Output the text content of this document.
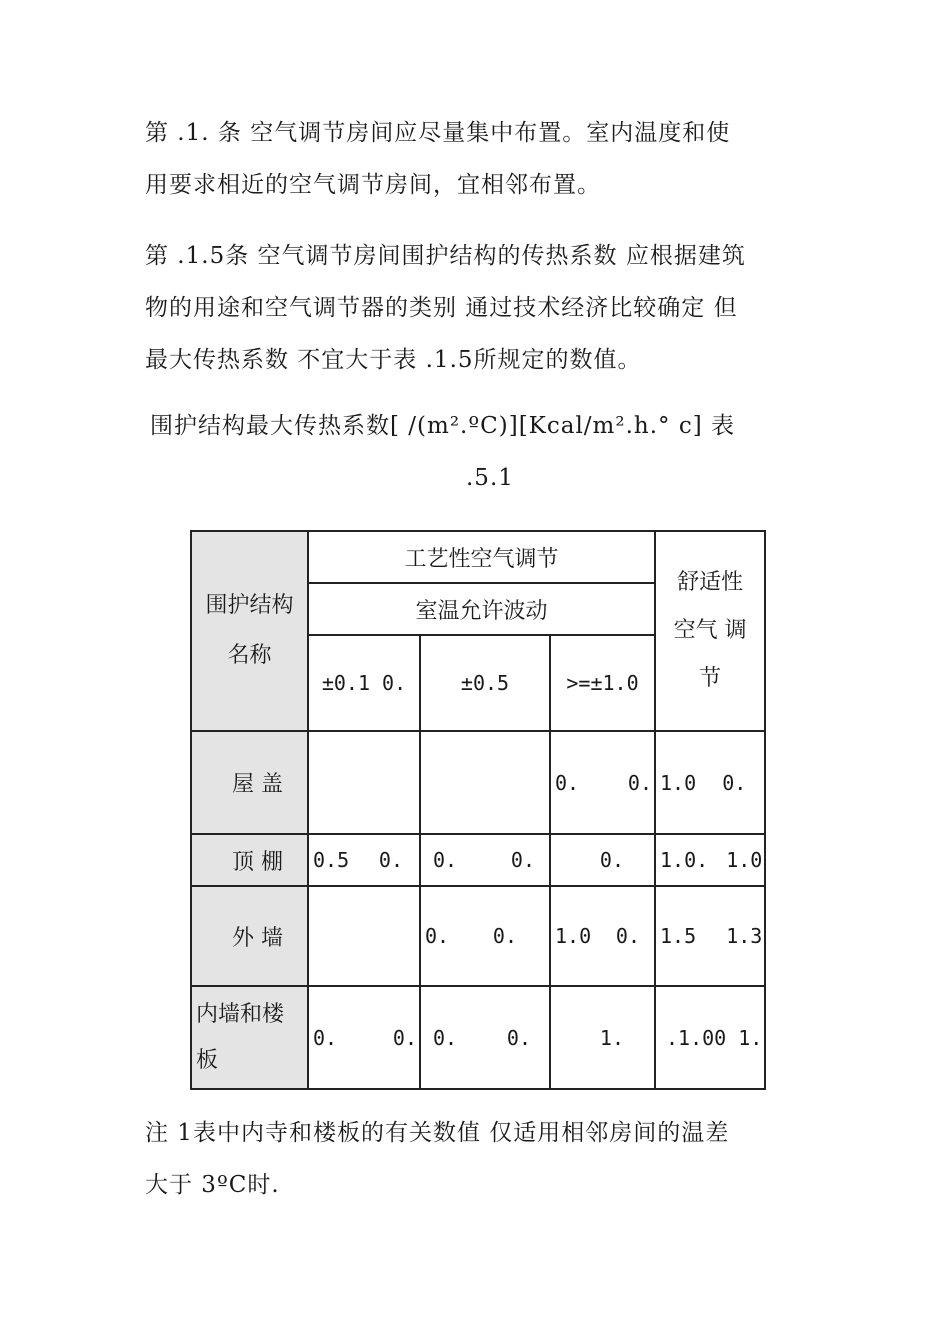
第 .1. 条 空气调节房间应尽量集中布置。室内温度和使
用要求相近的空气调节房间，宜相邻布置。
第 .1.5条 空气调节房间围护结构的传热系数 应根据建筑
物的用途和空气调节器的类别 通过技术经济比较确定 但
最大传热系数 不宜大于表 .1.5所规定的数值。
围护结构最大传热系数[ /(m².ºC)][Kcal/m².h.° c] 表
.5.1
围护结构名称	工艺性空气调节			舒适性 空气 调节

	室温允许波动			
	±0.1 0.	±0.5	>=±1.0	

屋 盖			0. 0.	1.0 0.

顶 棚	0.5 0.	0. 0.	0.	1.0. 1.0

外 墙		0. 0.	1.0 0.	1.5 1.3

内墙和楼板	0. 0.	0. 0.	1.	.1.0 0 1.
注 1表中内寺和楼板的有关数值 仅适用相邻房间的温差
大于 3ºC时.
